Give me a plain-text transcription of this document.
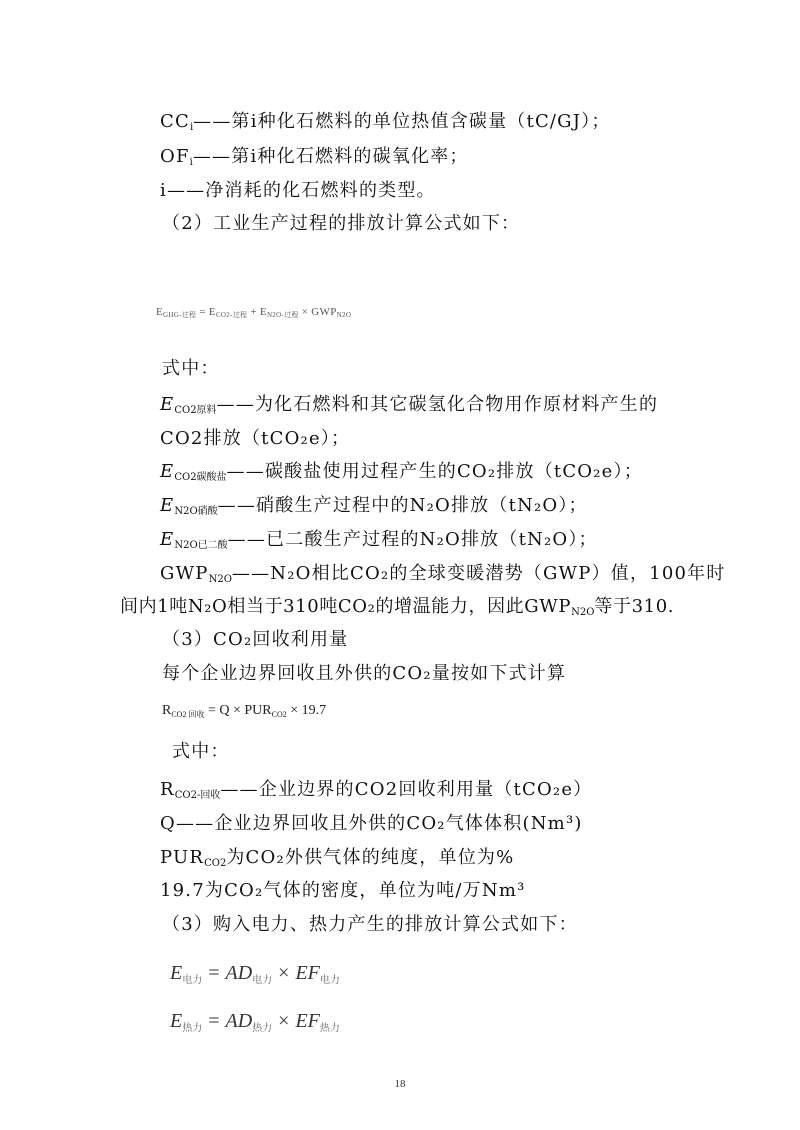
$CC_i——$第i种化石燃料的单位热值含碳量（tC/GJ）；
$OF_i——$第i种化石燃料的碳氧化率；
i——净消耗的化石燃料的类型。
（2）工业生产过程的排放计算公式如下：
$E_{GHG-过程} = E_{CO2-过程} + E_{N2O-过程} \times GWP_{N2O}$
式中：
$E_{CO2原料}——$为化石燃料和其它碳氢化合物用作原材料产生的
CO2排放（tCO₂e）；
$E_{CO2碳酸盐}——$碳酸盐使用过程产生的CO₂排放（tCO₂e）；
$E_{N2O硝酸}——$硝酸生产过程中的N₂O排放（tN₂O）；
$E_{N2O已二酸}——$已二酸生产过程的N₂O排放（tN₂O）；
$GWP_{N2O}——N_2O$相比CO₂的全球变暖潜势（GWP）值，100年时
间内1吨N₂O相当于310吨CO₂的增温能力，因此$GWP_{N2O}$等于310.
（3）CO₂回收利用量
每个企业边界回收且外供的CO₂量按如下式计算
$R_{CO2 回收} = Q \times PUR_{CO2} \times 19.7$
式中：
$R_{CO2-回收}——$企业边界的CO2回收利用量（tCO₂e）
Q——企业边界回收且外供的CO₂气体体积(Nm³)
$PUR_{CO2}$为CO₂外供气体的纯度，单位为%
19.7为CO₂气体的密度，单位为吨/万Nm³
（3）购入电力、热力产生的排放计算公式如下：
$E_{电力} = AD_{电力} \times EF_{电力}$
$E_{热力} = AD_{热力} \times EF_{热力}$
18
